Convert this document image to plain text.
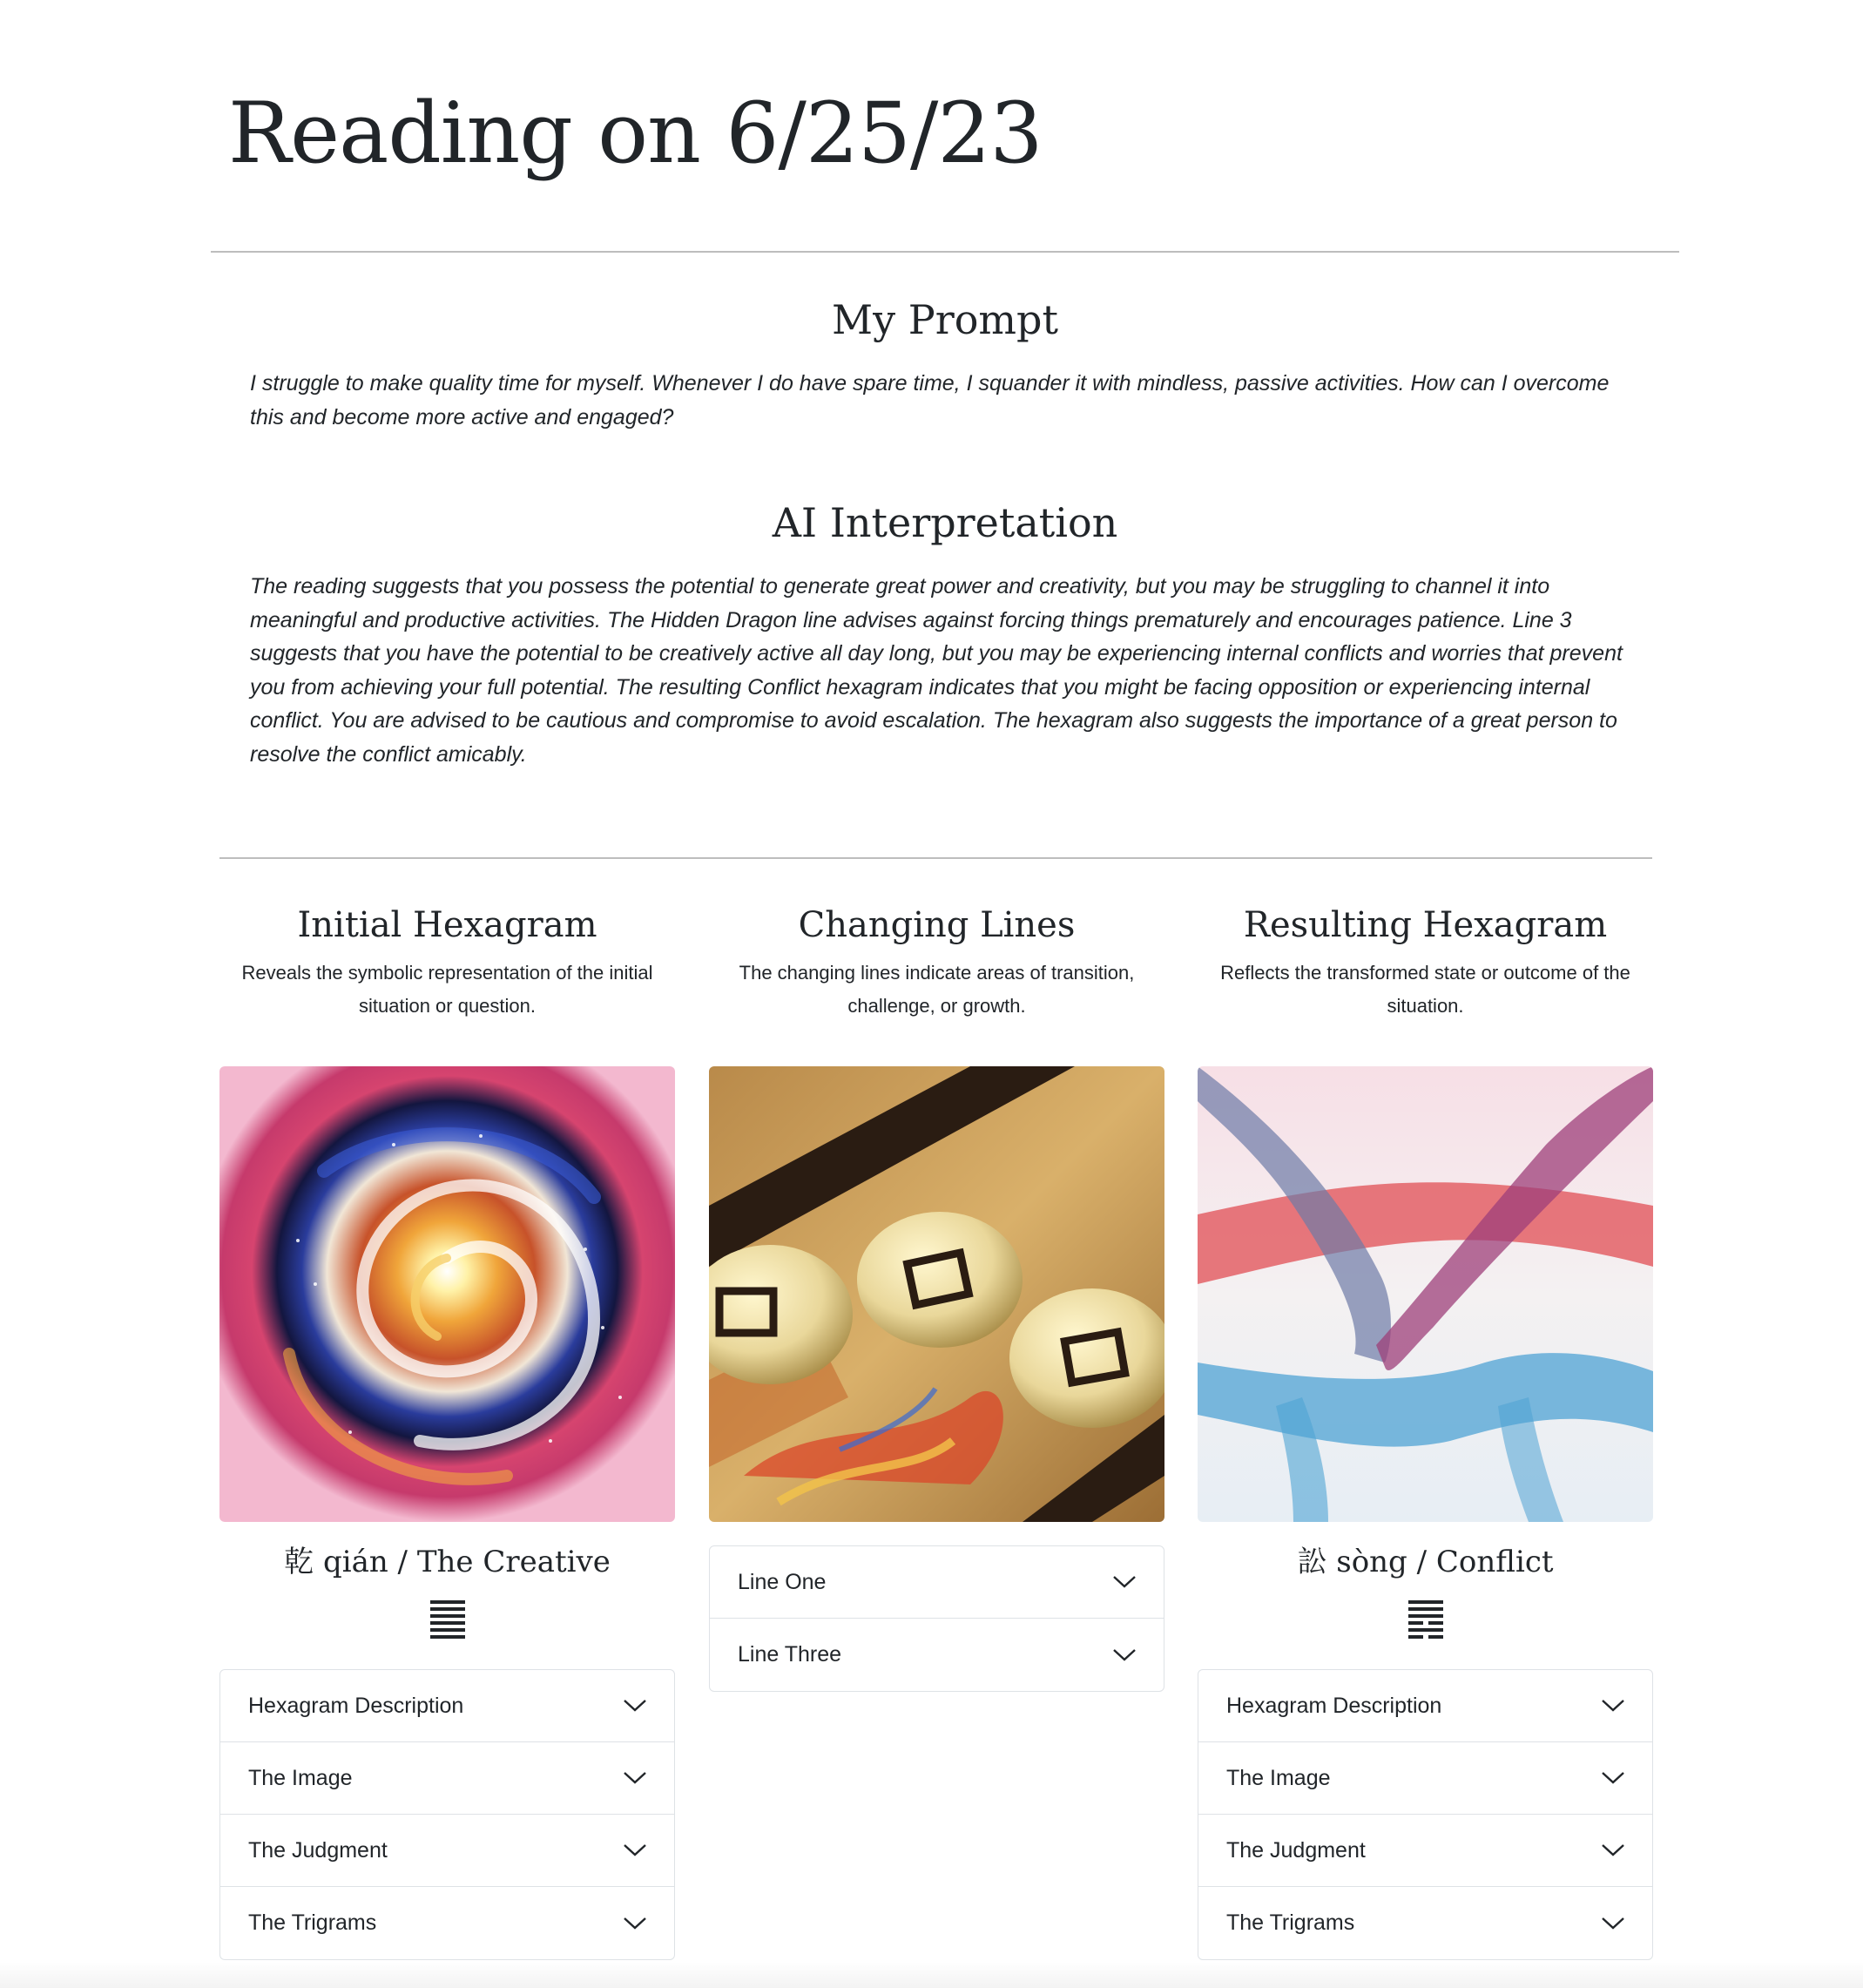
Reading on 6/25/23
My Prompt

I struggle to make quality time for myself. Whenever I do have spare time, I squander it with mindless, passive activities. How can I overcome this and become more active and engaged?

AI Interpretation

The reading suggests that you possess the potential to generate great power and creativity, but you may be struggling to channel it into meaningful and productive activities. The Hidden Dragon line advises against forcing things prematurely and encourages patience. Line 3 suggests that you have the potential to be creatively active all day long, but you may be experiencing internal conflicts and worries that prevent you from achieving your full potential. The resulting Conflict hexagram indicates that you might be facing opposition or experiencing internal conflict. You are advised to be cautious and compromise to avoid escalation. The hexagram also suggests the importance of a great person to resolve the conflict amicably.

Initial Hexagram

Reveals the symbolic representation of the initial situation or question.

乾 qián / The Creative

Hexagram Description
The Image
The Judgment
The Trigrams
Changing Lines

The changing lines indicate areas of transition, challenge, or growth.

Line One
Line Three
Resulting Hexagram

Reflects the transformed state or outcome of the situation.

訟 sòng / Conflict

Hexagram Description
The Image
The Judgment
The Trigrams
